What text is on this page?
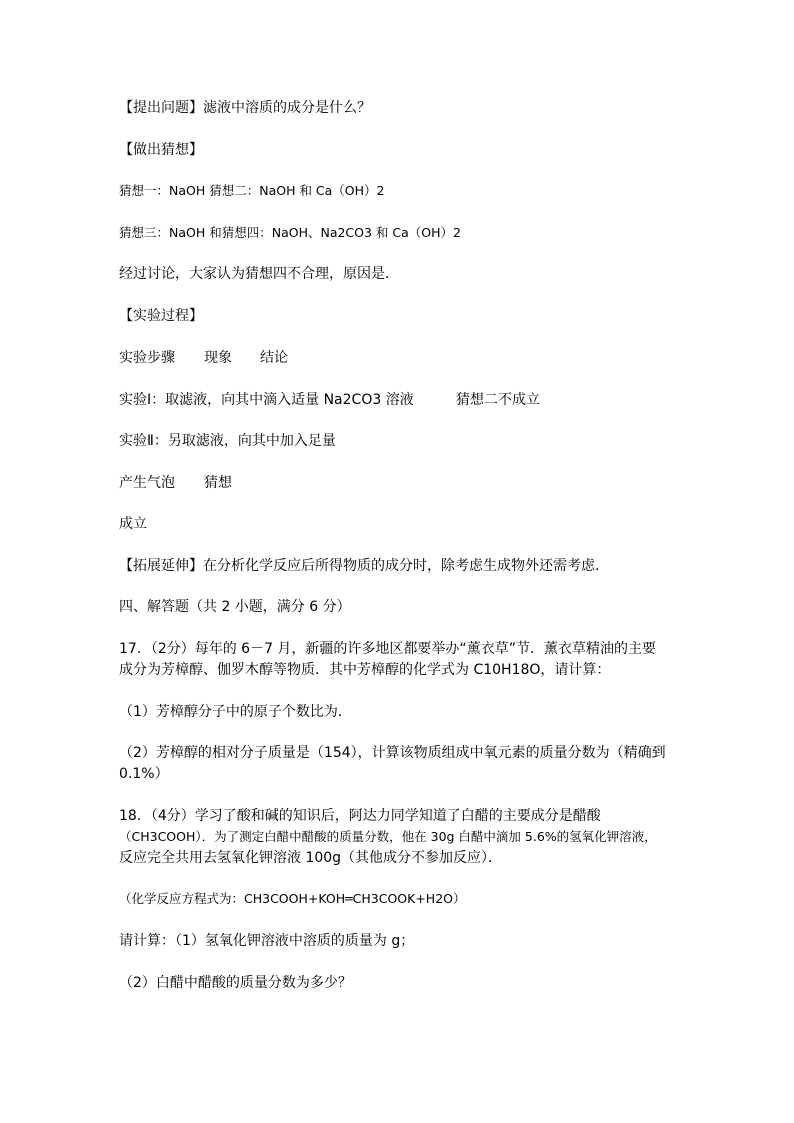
【提出问题】滤液中溶质的成分是什么？
【做出猜想】
猜想一：NaOH 猜想二：NaOH 和 Ca（OH）2
猜想三：NaOH 和猜想四：NaOH、Na2CO3 和 Ca（OH）2
经过讨论，大家认为猜想四不合理，原因是．
【实验过程】
实验步骤 现象 结论
实验Ⅰ：取滤液，向其中滴入适量 Na2CO3 溶液	猜想二不成立
实验Ⅱ：另取滤液，向其中加入足量
产生气泡 猜想
成立
【拓展延伸】在分析化学反应后所得物质的成分时，除考虑生成物外还需考虑．
四、解答题（共 2 小题，满分 6 分）
17．（2分）每年的 6－7 月，新疆的许多地区都要举办“薰衣草”节．薰衣草精油的主要
成分为芳樟醇、伽罗木醇等物质．其中芳樟醇的化学式为 C10H18O，请计算：
（1）芳樟醇分子中的原子个数比为．
（2）芳樟醇的相对分子质量是（154），计算该物质组成中氧元素的质量分数为（精确到
0.1%）
18．（4分）学习了酸和碱的知识后，阿达力同学知道了白醋的主要成分是醋酸
（CH3COOH）．为了测定白醋中醋酸的质量分数，他在 30g 白醋中滴加 5.6%的氢氧化钾溶液，
反应完全共用去氢氧化钾溶液 100g（其他成分不参加反应）．
（化学反应方程式为：CH3COOH+KOH═CH3COOK+H2O）
请计算：（1）氢氧化钾溶液中溶质的质量为 g；
（2）白醋中醋酸的质量分数为多少？
